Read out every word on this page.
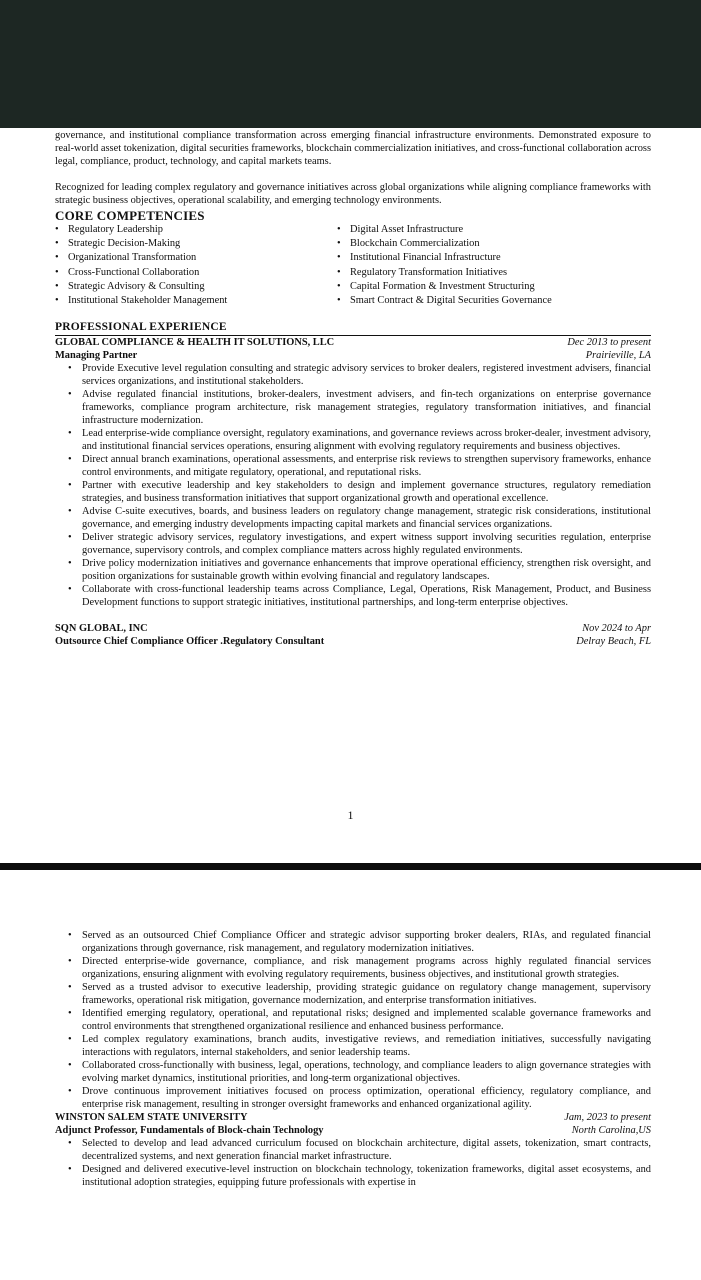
governance, and institutional compliance transformation across emerging financial infrastructure environments. Demonstrated exposure to real-world asset tokenization, digital securities frameworks, blockchain commercialization initiatives, and cross-functional collaboration across legal, compliance, product, technology, and capital markets teams.

Recognized for leading complex regulatory and governance initiatives across global organizations while aligning compliance frameworks with strategic business objectives, operational scalability, and emerging technology environments.

CORE COMPETENCIES

• Regulatory Leadership
• Strategic Decision-Making
• Organizational Transformation
• Cross-Functional Collaboration
• Strategic Advisory & Consulting
• Institutional Stakeholder Management
• Digital Asset Infrastructure
• Blockchain Commercialization
• Institutional Financial Infrastructure
• Regulatory Transformation Initiatives
• Capital Formation & Investment Structuring
• Smart Contract & Digital Securities Governance

PROFESSIONAL EXPERIENCE

GLOBAL COMPLIANCE & HEALTH IT SOLUTIONS, LLC	Dec 2013 to present
Managing Partner	Prairieville, LA
• Provide Executive level regulation consulting and strategic advisory services to broker dealers, registered investment advisers, financial services organizations, and institutional stakeholders.
• Advise regulated financial institutions, broker-dealers, investment advisers, and fin-tech organizations on enterprise governance frameworks, compliance program architecture, risk management strategies, regulatory transformation initiatives, and financial infrastructure modernization.
• Lead enterprise-wide compliance oversight, regulatory examinations, and governance reviews across broker-dealer, investment advisory, and institutional financial services operations, ensuring alignment with evolving regulatory requirements and business objectives.
• Direct annual branch examinations, operational assessments, and enterprise risk reviews to strengthen supervisory frameworks, enhance control environments, and mitigate regulatory, operational, and reputational risks.
• Partner with executive leadership and key stakeholders to design and implement governance structures, regulatory remediation strategies, and business transformation initiatives that support organizational growth and operational excellence.
• Advise C-suite executives, boards, and business leaders on regulatory change management, strategic risk considerations, institutional governance, and emerging industry developments impacting capital markets and financial services organizations.
• Deliver strategic advisory services, regulatory investigations, and expert witness support involving securities regulation, enterprise governance, supervisory controls, and complex compliance matters across highly regulated environments.
• Drive policy modernization initiatives and governance enhancements that improve operational efficiency, strengthen risk oversight, and position organizations for sustainable growth within evolving financial and regulatory landscapes.
• Collaborate with cross-functional leadership teams across Compliance, Legal, Operations, Risk Management, Product, and Business Development functions to support strategic initiatives, institutional partnerships, and long-term enterprise objectives.
SQN GLOBAL, INC	Nov 2024 to Apr
Outsource Chief Compliance Officer .Regulatory Consultant	Delray Beach, FL
1
• Served as an outsourced Chief Compliance Officer and strategic advisor supporting broker dealers, RIAs, and regulated financial organizations through governance, risk management, and regulatory modernization initiatives.
• Directed enterprise-wide governance, compliance, and risk management programs across highly regulated financial services organizations, ensuring alignment with evolving regulatory requirements, business objectives, and institutional growth strategies.
• Served as a trusted advisor to executive leadership, providing strategic guidance on regulatory change management, supervisory frameworks, operational risk mitigation, governance modernization, and enterprise transformation initiatives.
• Identified emerging regulatory, operational, and reputational risks; designed and implemented scalable governance frameworks and control environments that strengthened organizational resilience and enhanced business performance.
• Led complex regulatory examinations, branch audits, investigative reviews, and remediation initiatives, successfully navigating interactions with regulators, internal stakeholders, and senior leadership teams.
• Collaborated cross-functionally with business, legal, operations, technology, and compliance leaders to align governance strategies with evolving market dynamics, institutional priorities, and long-term organizational objectives.
• Drove continuous improvement initiatives focused on process optimization, operational efficiency, regulatory compliance, and enterprise risk management, resulting in stronger oversight frameworks and enhanced organizational agility.
WINSTON SALEM STATE UNIVERSITY	Jam, 2023 to present
Adjunct Professor, Fundamentals of Block-chain Technology	North Carolina,US
• Selected to develop and lead advanced curriculum focused on blockchain architecture, digital assets, tokenization, smart contracts, decentralized systems, and next generation financial market infrastructure.
• Designed and delivered executive-level instruction on blockchain technology, tokenization frameworks, digital asset ecosystems, and institutional adoption strategies, equipping future professionals with expertise in
